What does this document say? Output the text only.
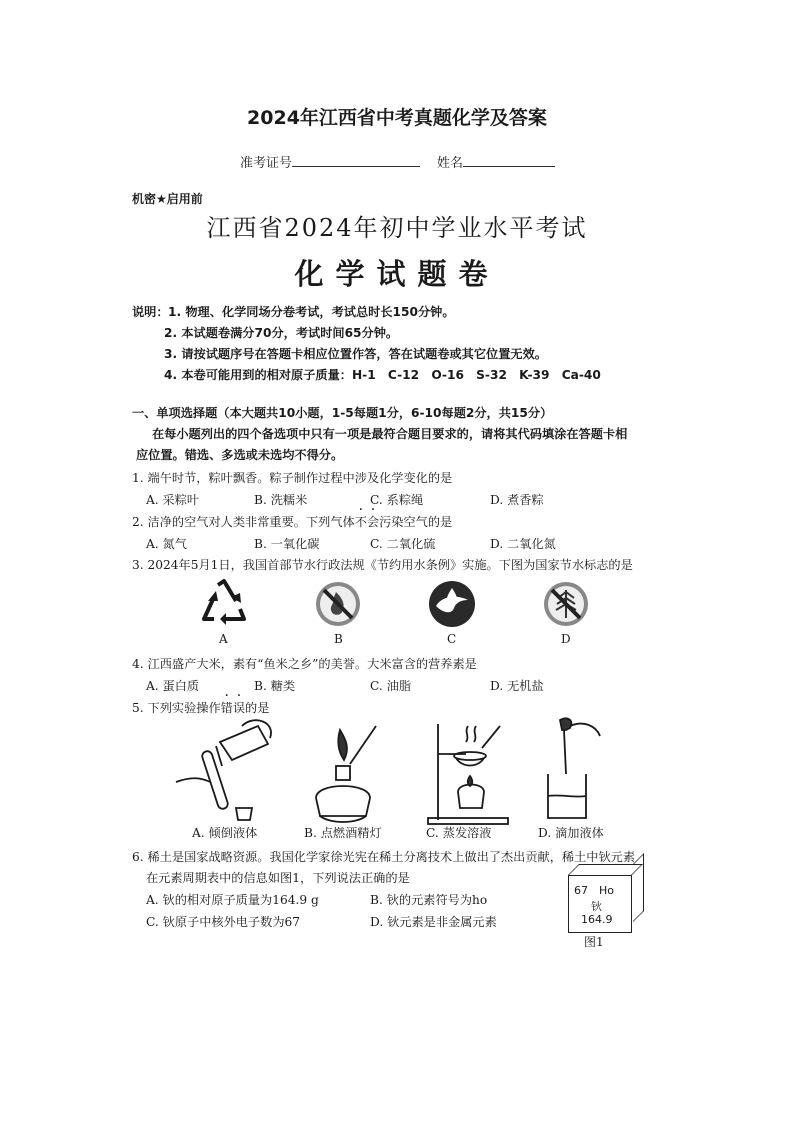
2024年江西省中考真题化学及答案
准考证号	姓名
机密★启用前
江西省2024年初中学业水平考试
化学试题卷
说明： 1. 物理、化学同场分卷考试，考试总时长150分钟。
2. 本试题卷满分70分，考试时间65分钟。
3. 请按试题序号在答题卡相应位置作答，答在试题卷或其它位置无效。
4. 本卷可能用到的相对原子质量：H-1　C-12　O-16　S-32　K-39　Ca-40
一、单项选择题（本大题共10小题，1-5每题1分，6-10每题2分，共15分）
在每小题列出的四个备选项中只有一项是最符合题目要求的，请将其代码填涂在答题卡相
应位置。错选、多选或未选均不得分。
1. 端午时节，粽叶飘香。粽子制作过程中涉及化学变化的是
A. 采粽叶	B. 洗糯米	C. 系粽绳	D. 煮香粽
2. 洁净的空气对人类非常重要。下列气体不会污染空气的是
A. 氮气	B. 一氧化碳	C. 二氧化硫	D. 二氧化氮
3. 2024年5月1日，我国首部节水行政法规《节约用水条例》实施。下图为国家节水标志的是
A	B	C	D
4. 江西盛产大米，素有“鱼米之乡”的美誉。大米富含的营养素是
A. 蛋白质	B. 糖类	C. 油脂	D. 无机盐
5. 下列实验操作错误的是
A. 倾倒液体	B. 点燃酒精灯	C. 蒸发溶液	D. 滴加液体
6. 稀土是国家战略资源。我国化学家徐光宪在稀土分离技术上做出了杰出贡献，稀土中钬元素
在元素周期表中的信息如图1，下列说法正确的是
A. 钬的相对原子质量为164.9 g	B. 钬的元素符号为ho
C. 钬原子中核外电子数为67	D. 钬元素是非金属元素
67 Ho
钬
164.9
图1
